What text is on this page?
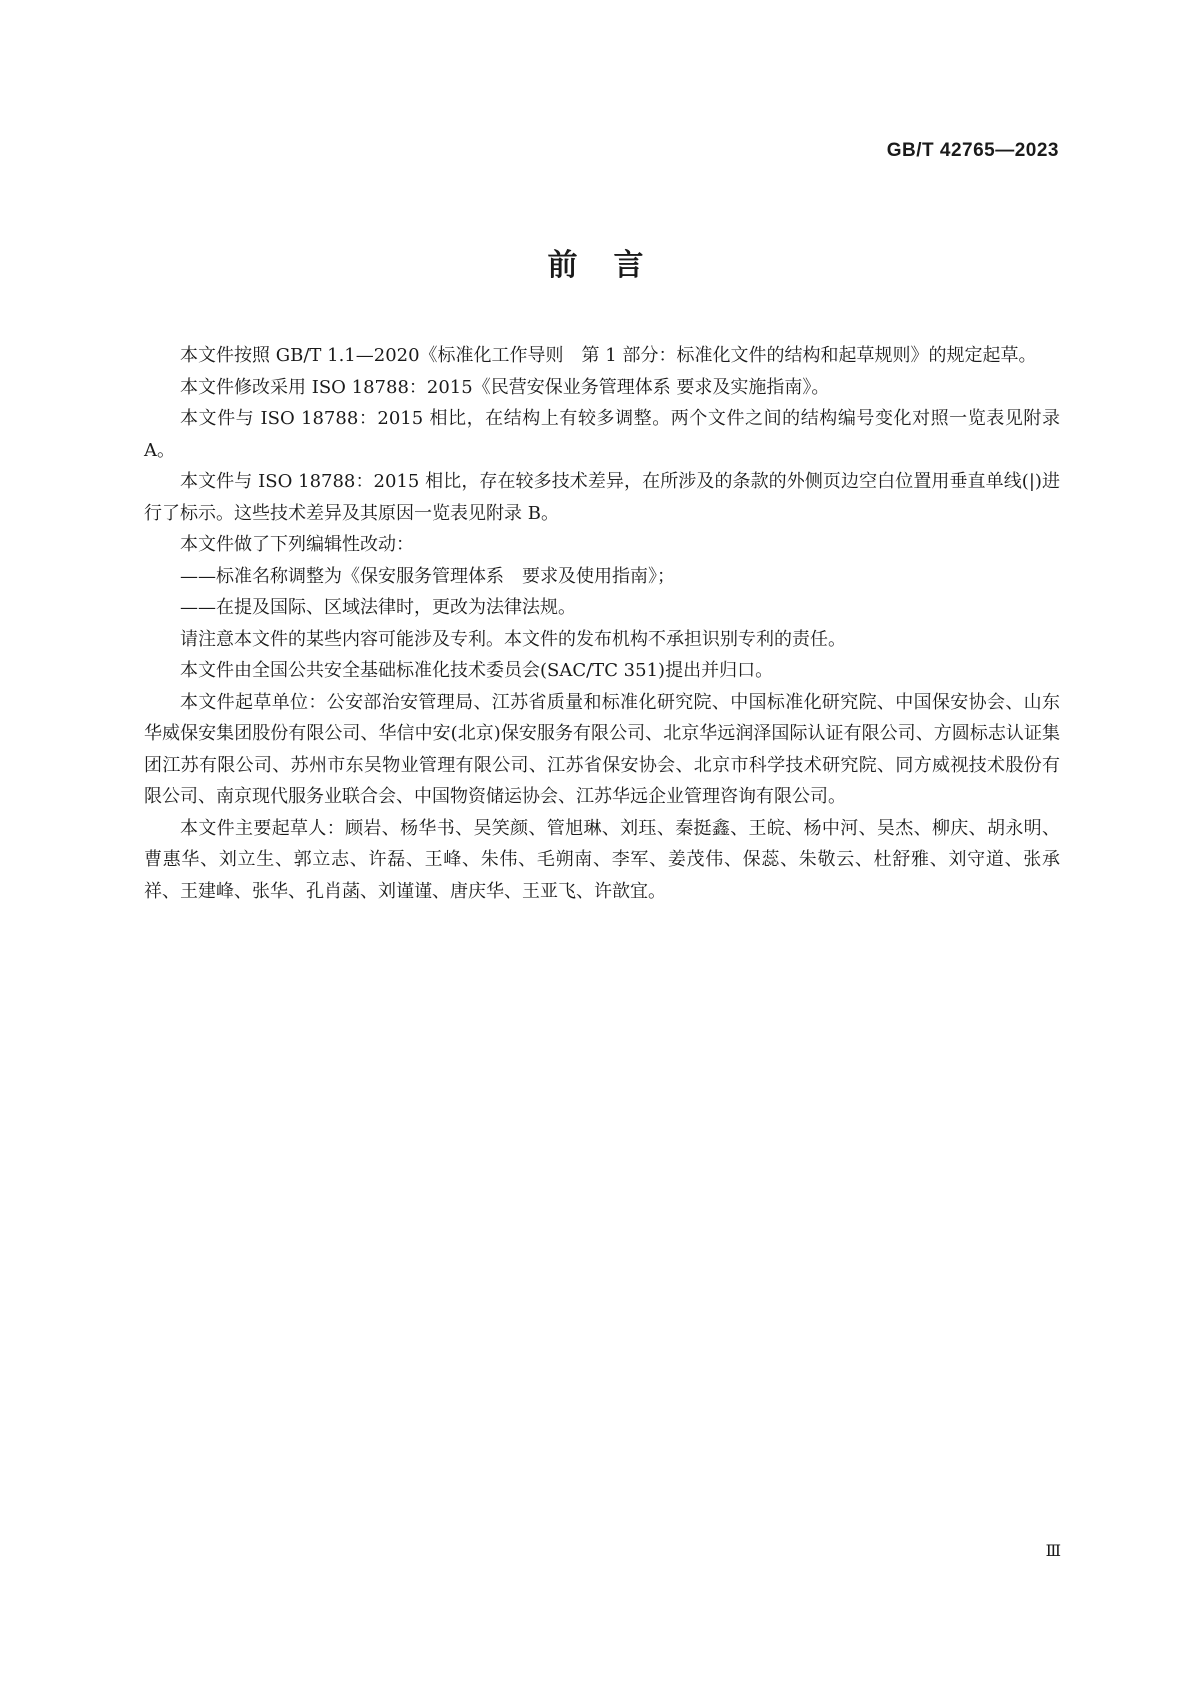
GB/T 42765—2023
前言

本文件按照 GB/T 1.1—2020《标准化工作导则　第 1 部分：标准化文件的结构和起草规则》的规定起草。

本文件修改采用 ISO 18788：2015《民营安保业务管理体系 要求及实施指南》。

本文件与 ISO 18788：2015 相比，在结构上有较多调整。两个文件之间的结构编号变化对照一览表见附录 A。

本文件与 ISO 18788：2015 相比，存在较多技术差异，在所涉及的条款的外侧页边空白位置用垂直单线(|)进行了标示。这些技术差异及其原因一览表见附录 B。

本文件做了下列编辑性改动：

——标准名称调整为《保安服务管理体系　要求及使用指南》；

——在提及国际、区域法律时，更改为法律法规。

请注意本文件的某些内容可能涉及专利。本文件的发布机构不承担识别专利的责任。

本文件由全国公共安全基础标准化技术委员会(SAC/TC 351)提出并归口。

本文件起草单位：公安部治安管理局、江苏省质量和标准化研究院、中国标准化研究院、中国保安协会、山东华威保安集团股份有限公司、华信中安(北京)保安服务有限公司、北京华远润泽国际认证有限公司、方圆标志认证集团江苏有限公司、苏州市东吴物业管理有限公司、江苏省保安协会、北京市科学技术研究院、同方威视技术股份有限公司、南京现代服务业联合会、中国物资储运协会、江苏华远企业管理咨询有限公司。

本文件主要起草人：顾岩、杨华书、吴笑颜、管旭琳、刘珏、秦挺鑫、王皖、杨中河、吴杰、柳庆、胡永明、曹惠华、刘立生、郭立志、许磊、王峰、朱伟、毛朔南、李军、姜茂伟、保蕊、朱敬云、杜舒雅、刘守道、张承祥、王建峰、张华、孔肖菡、刘谨谨、唐庆华、王亚飞、许歆宜。

Ⅲ
